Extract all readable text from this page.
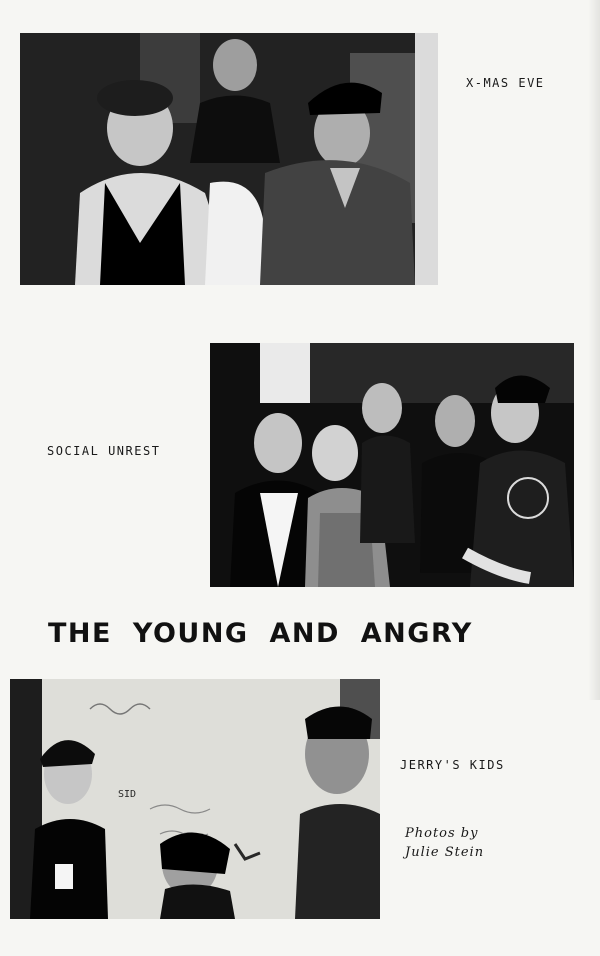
X-MAS EVE
SOCIAL UNREST
THE YOUNG AND ANGRY
SID
JERRY'S KIDS
Photos by
Julie Stein
